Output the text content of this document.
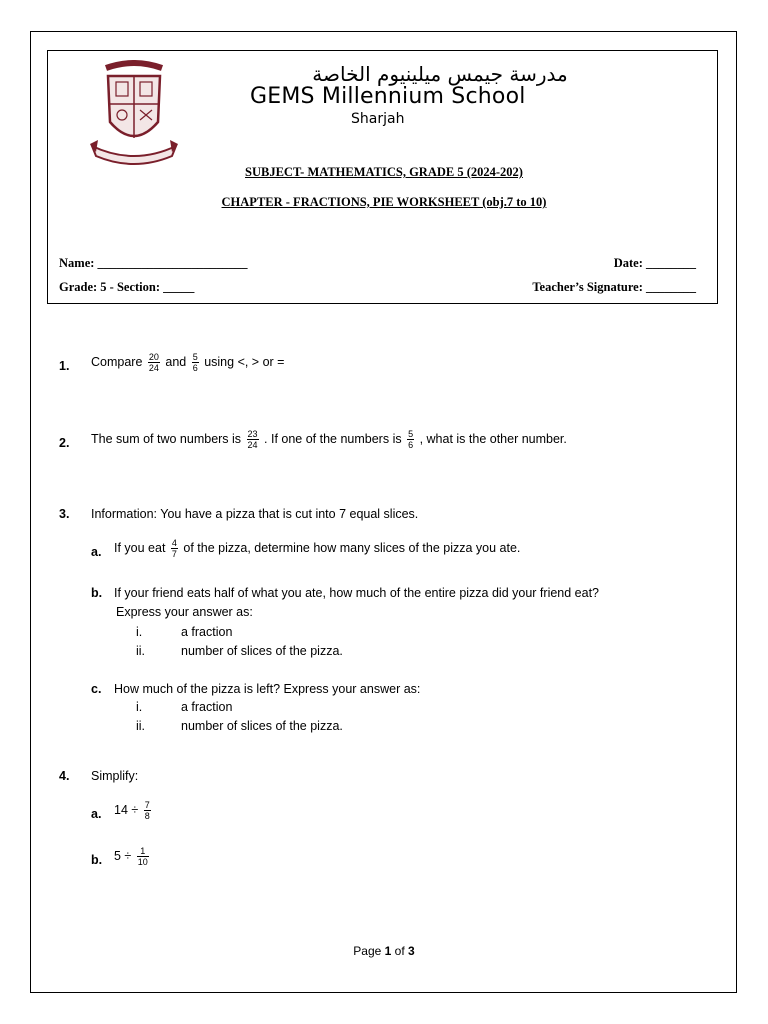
مدرسة جيمس ميلينيوم الخاصة
GEMS Millennium School
Sharjah
SUBJECT- MATHEMATICS, GRADE 5 (2024-202)
CHAPTER - FRACTIONS, PIE WORKSHEET (obj.7 to 10)
Name: ________________________	Date: ________
Grade: 5 - Section: _____	Teacher’s Signature: ________
1. Compare $\frac{20}{24}$ and $\frac{5}{6}$ using <, > or =
2. The sum of two numbers is $\frac{23}{24}$ . If one of the numbers is $\frac{5}{6}$ , what is the other number.
3. Information: You have a pizza that is cut into 7 equal slices.
a. If you eat $\frac{4}{7}$ of the pizza, determine how many slices of the pizza you ate.
b. If your friend eats half of what you ate, how much of the entire pizza did your friend eat?
Express your answer as:
i.	a fraction
ii.	number of slices of the pizza.
c. How much of the pizza is left? Express your answer as:
i.	a fraction
ii.	number of slices of the pizza.
4. Simplify:
a. $14 \div \frac{7}{8}$
b. $5 \div \frac{1}{10}$
Page 1 of 3
